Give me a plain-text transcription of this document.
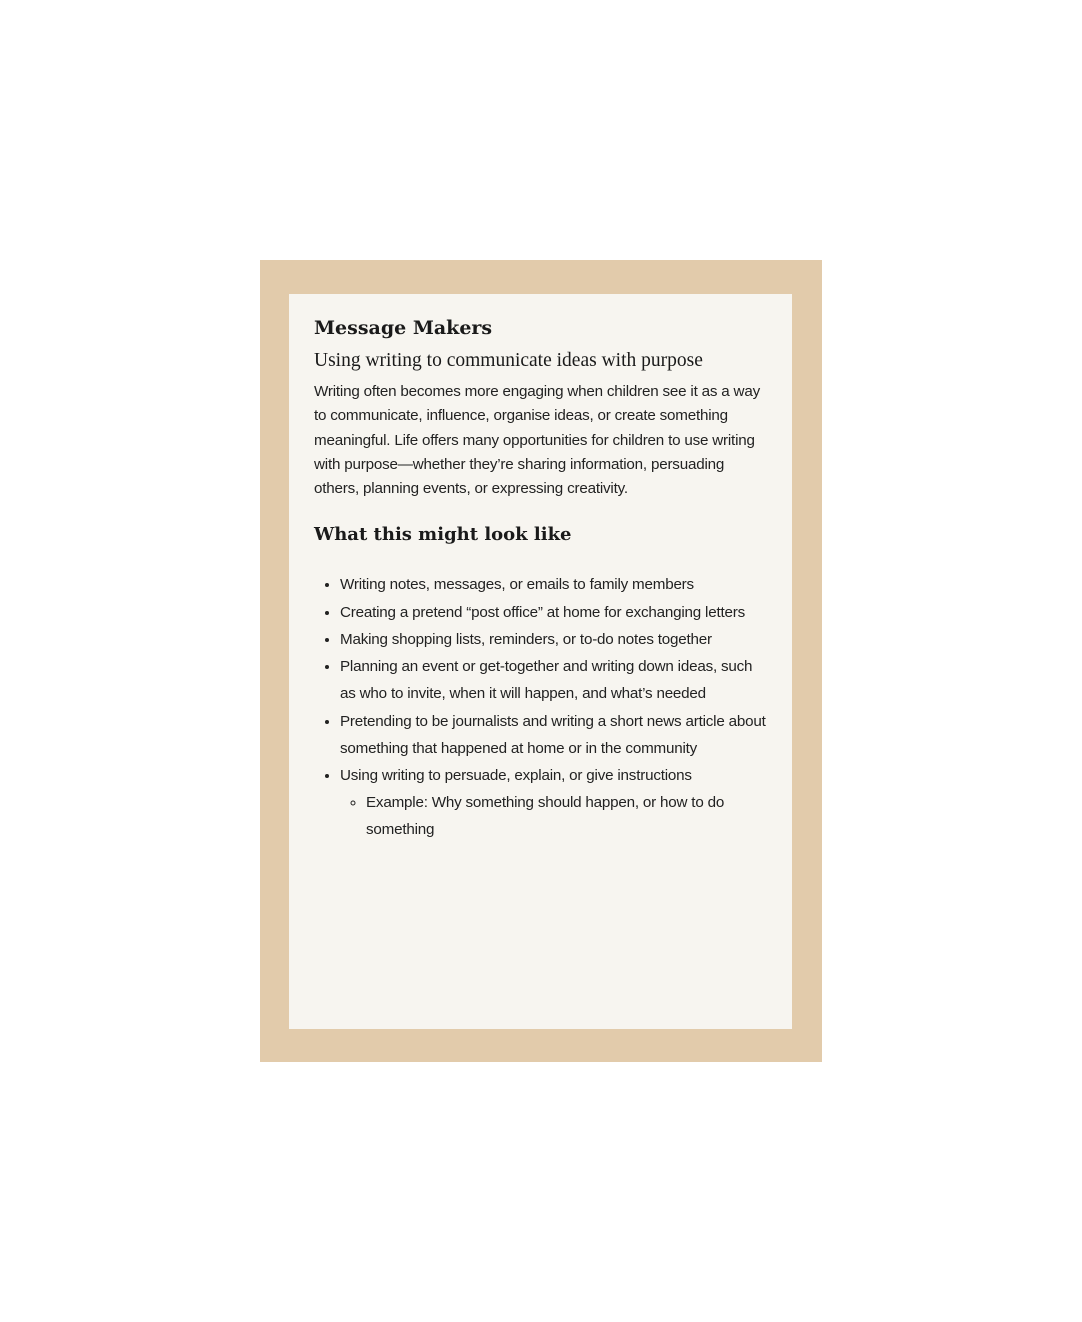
Message Makers
Using writing to communicate ideas with purpose

Writing often becomes more engaging when children see it as a way to communicate, influence, organise ideas, or create something meaningful. Life offers many opportunities for children to use writing with purpose—whether they’re sharing information, persuading others, planning events, or expressing creativity.

What this might look like
• Writing notes, messages, or emails to family members
• Creating a pretend “post office” at home for exchanging letters
• Making shopping lists, reminders, or to-do notes together
• Planning an event or get-together and writing down ideas, such as who to invite, when it will happen, and what’s needed
• Pretending to be journalists and writing a short news article about something that happened at home or in the community
• Using writing to persuade, explain, or give instructions
◦ Example: Why something should happen, or how to do something
